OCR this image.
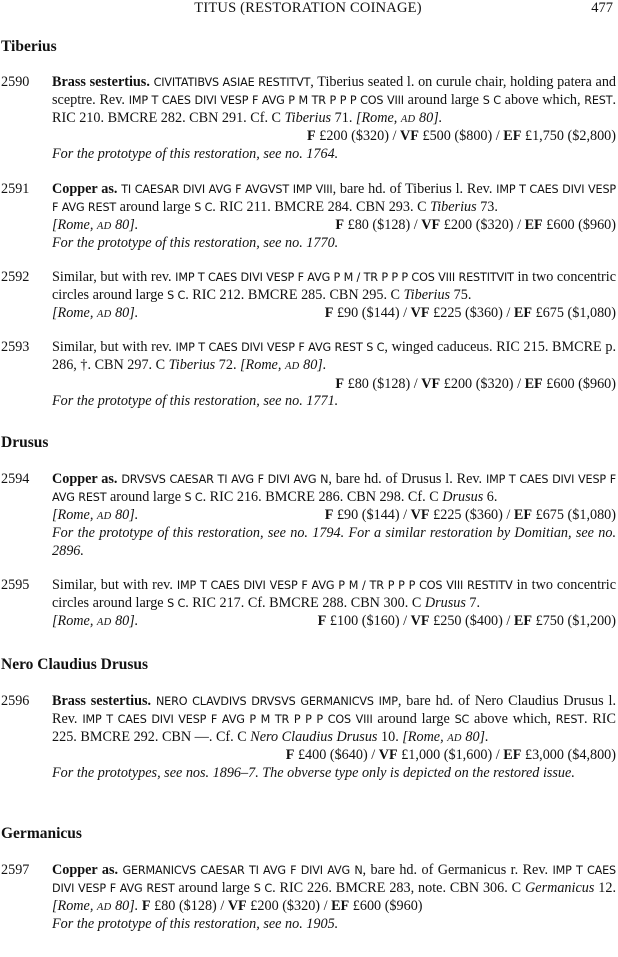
TITUS (RESTORATION COINAGE)	477
Tiberius
2590 Brass sestertius. CIVITATIBVS ASIAE RESTITVT, Tiberius seated l. on curule chair, holding patera and sceptre. Rev. IMP T CAES DIVI VESP F AVG P M TR P P P COS VIII around large S C above which, REST. RIC 210. BMCRE 282. CBN 291. Cf. C Tiberius 71. [Rome, AD 80].
F £200 ($320) / VF £500 ($800) / EF £1,750 ($2,800)
For the prototype of this restoration, see no. 1764.
2591 Copper as. TI CAESAR DIVI AVG F AVGVST IMP VIII, bare hd. of Tiberius l. Rev. IMP T CAES DIVI VESP F AVG REST around large S C. RIC 211. BMCRE 284. CBN 293. C Tiberius 73.
[Rome, AD 80].	F £80 ($128) / VF £200 ($320) / EF £600 ($960)
For the prototype of this restoration, see no. 1770.
2592 Similar, but with rev. IMP T CAES DIVI VESP F AVG P M / TR P P P COS VIII RESTITVIT in two concentric circles around large S C. RIC 212. BMCRE 285. CBN 295. C Tiberius 75.
[Rome, AD 80].	F £90 ($144) / VF £225 ($360) / EF £675 ($1,080)
2593 Similar, but with rev. IMP T CAES DIVI VESP F AVG REST S C, winged caduceus. RIC 215. BMCRE p. 286, †. CBN 297. C Tiberius 72. [Rome, AD 80].
F £80 ($128) / VF £200 ($320) / EF £600 ($960)
For the prototype of this restoration, see no. 1771.
Drusus
2594 Copper as. DRVSVS CAESAR TI AVG F DIVI AVG N, bare hd. of Drusus l. Rev. IMP T CAES DIVI VESP F AVG REST around large S C. RIC 216. BMCRE 286. CBN 298. Cf. C Drusus 6.
[Rome, AD 80].	F £90 ($144) / VF £225 ($360) / EF £675 ($1,080)
For the prototype of this restoration, see no. 1794. For a similar restoration by Domitian, see no. 2896.
2595 Similar, but with rev. IMP T CAES DIVI VESP F AVG P M / TR P P P COS VIII RESTITV in two concentric circles around large S C. RIC 217. Cf. BMCRE 288. CBN 300. C Drusus 7.
[Rome, AD 80].	F £100 ($160) / VF £250 ($400) / EF £750 ($1,200)
Nero Claudius Drusus
2596 Brass sestertius. NERO CLAVDIVS DRVSVS GERMANICVS IMP, bare hd. of Nero Claudius Drusus l. Rev. IMP T CAES DIVI VESP F AVG P M TR P P P COS VIII around large SC above which, REST. RIC 225. BMCRE 292. CBN —. Cf. C Nero Claudius Drusus 10. [Rome, AD 80].
F £400 ($640) / VF £1,000 ($1,600) / EF £3,000 ($4,800)
For the prototypes, see nos. 1896–7. The obverse type only is depicted on the restored issue.
Germanicus
2597 Copper as. GERMANICVS CAESAR TI AVG F DIVI AVG N, bare hd. of Germanicus r. Rev. IMP T CAES DIVI VESP F AVG REST around large S C. RIC 226. BMCRE 283, note. CBN 306. C Germanicus 12. [Rome, AD 80]. F £80 ($128) / VF £200 ($320) / EF £600 ($960)
For the prototype of this restoration, see no. 1905.
